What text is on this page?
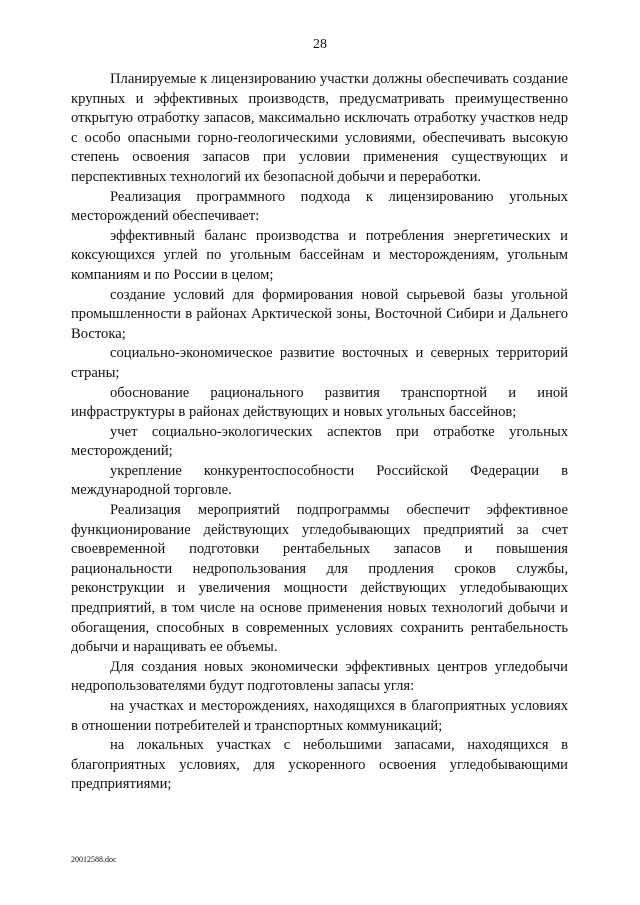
28

Планируемые к лицензированию участки должны обеспечивать создание крупных и эффективных производств, предусматривать преимущественно открытую отработку запасов, максимально исключать отработку участков недр с особо опасными горно-геологическими условиями, обеспечивать высокую степень освоения запасов при условии применения существующих и перспективных технологий их безопасной добычи и переработки.

Реализация программного подхода к лицензированию угольных месторождений обеспечивает:

эффективный баланс производства и потребления энергетических и коксующихся углей по угольным бассейнам и месторождениям, угольным компаниям и по России в целом;

создание условий для формирования новой сырьевой базы угольной промышленности в районах Арктической зоны, Восточной Сибири и Дальнего Востока;

социально-экономическое развитие восточных и северных территорий страны;

обоснование рационального развития транспортной и иной инфраструктуры в районах действующих и новых угольных бассейнов;

учет социально-экологических аспектов при отработке угольных месторождений;

укрепление конкурентоспособности Российской Федерации в международной торговле.

Реализация мероприятий подпрограммы обеспечит эффективное функционирование действующих угледобывающих предприятий за счет своевременной подготовки рентабельных запасов и повышения рациональности недропользования для продления сроков службы, реконструкции и увеличения мощности действующих угледобывающих предприятий, в том числе на основе применения новых технологий добычи и обогащения, способных в современных условиях сохранить рентабельность добычи и наращивать ее объемы.

Для создания новых экономически эффективных центров угледобычи недропользователями будут подготовлены запасы угля:

на участках и месторождениях, находящихся в благоприятных условиях в отношении потребителей и транспортных коммуникаций;

на локальных участках с небольшими запасами, находящихся в благоприятных условиях, для ускоренного освоения угледобывающими предприятиями;

20012588.doc
